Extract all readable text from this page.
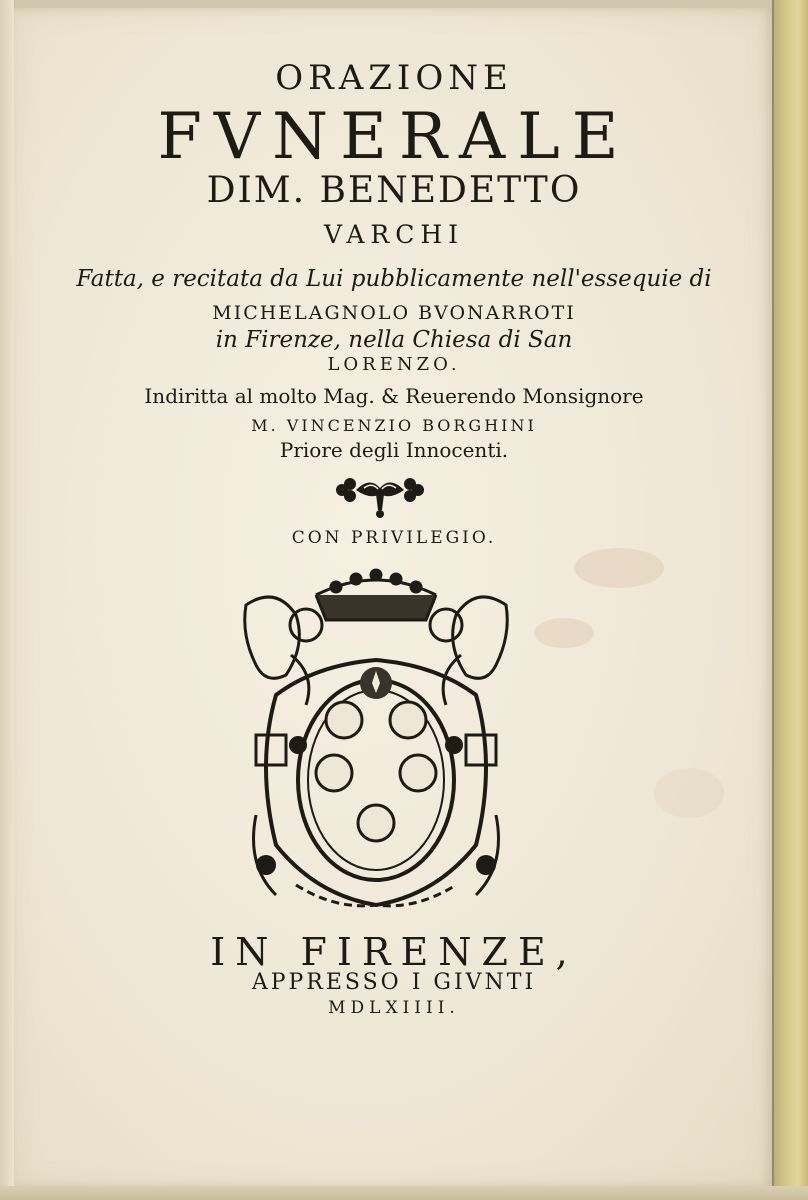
ORAZIONE
FVNERALE
DIM. BENEDETTO
VARCHI
Fatta, e recitata da Lui pubblicamente nell'essequie di
MICHELAGNOLO BVONARROTI
in Firenze, nella Chiesa di San
LORENZO.
Indiritta al molto Mag. & Reuerendo Monsignore
M. VINCENZIO BORGHINI
Priore degli Innocenti.
CON PRIVILEGIO.
IN FIRENZE,
APPRESSO I GIVNTI
MDLXIIII.
